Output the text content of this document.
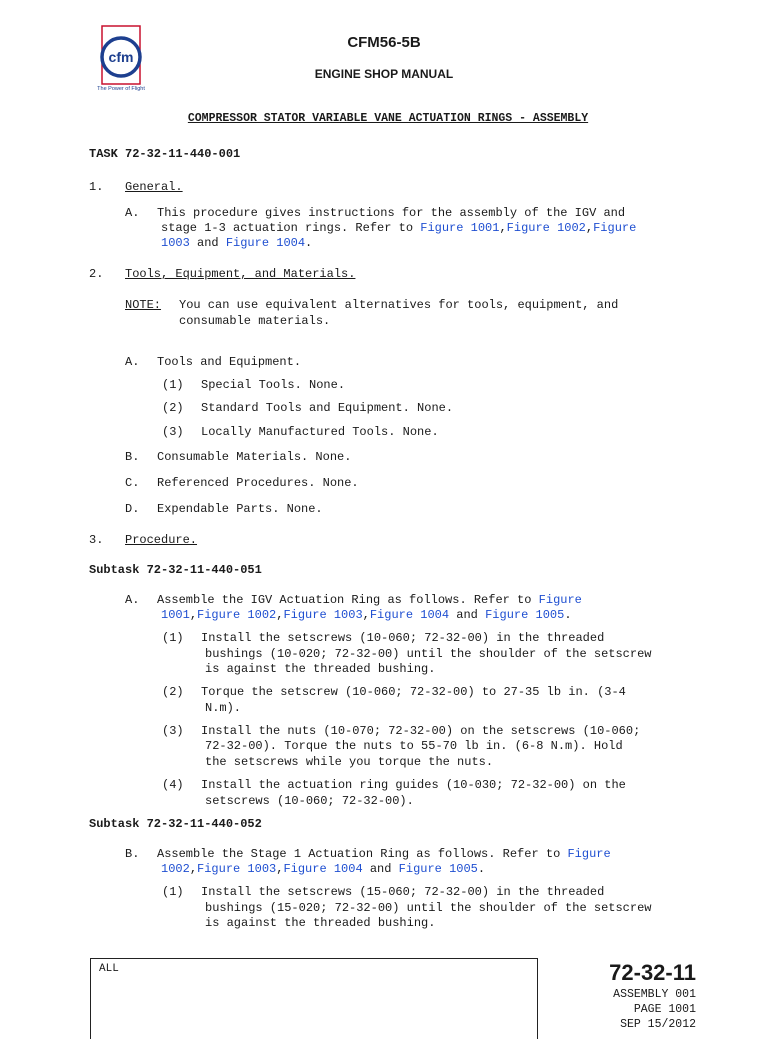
cfm
The Power of Flight
CFM56-5B
ENGINE SHOP MANUAL
COMPRESSOR STATOR VARIABLE VANE ACTUATION RINGS - ASSEMBLY
TASK 72-32-11-440-001
1. General.
A. This procedure gives instructions for the assembly of the IGV and
stage 1-3 actuation rings. Refer to Figure 1001,Figure 1002,Figure
1003 and Figure 1004.
2. Tools, Equipment, and Materials.
NOTE: You can use equivalent alternatives for tools, equipment, and
consumable materials.
A. Tools and Equipment.
(1) Special Tools. None.
(2) Standard Tools and Equipment. None.
(3) Locally Manufactured Tools. None.
B. Consumable Materials. None.
C. Referenced Procedures. None.
D. Expendable Parts. None.
3. Procedure.
Subtask 72-32-11-440-051
A. Assemble the IGV Actuation Ring as follows. Refer to Figure
1001,Figure 1002,Figure 1003,Figure 1004 and Figure 1005.
(1) Install the setscrews (10-060; 72-32-00) in the threaded
bushings (10-020; 72-32-00) until the shoulder of the setscrew
is against the threaded bushing.
(2) Torque the setscrew (10-060; 72-32-00) to 27-35 lb in. (3-4
N.m).
(3) Install the nuts (10-070; 72-32-00) on the setscrews (10-060;
72-32-00). Torque the nuts to 55-70 lb in. (6-8 N.m). Hold
the setscrews while you torque the nuts.
(4) Install the actuation ring guides (10-030; 72-32-00) on the
setscrews (10-060; 72-32-00).
Subtask 72-32-11-440-052
B. Assemble the Stage 1 Actuation Ring as follows. Refer to Figure
1002,Figure 1003,Figure 1004 and Figure 1005.
(1) Install the setscrews (15-060; 72-32-00) in the threaded
bushings (15-020; 72-32-00) until the shoulder of the setscrew
is against the threaded bushing.
ALL	72-32-11
ASSEMBLY 001
PAGE 1001
SEP 15/2012
